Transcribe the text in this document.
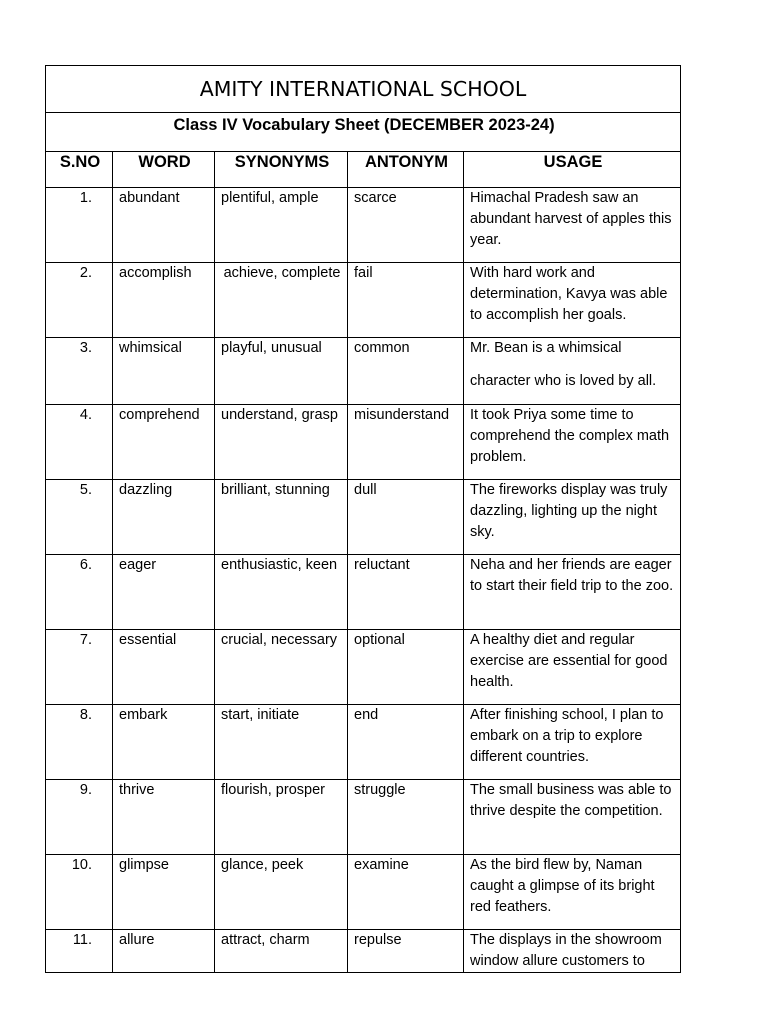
AMITY INTERNATIONAL SCHOOL				
Class IV Vocabulary Sheet (DECEMBER 2023-24)				
S.NO	WORD	SYNONYMS	ANTONYM	USAGE
1.	abundant	plentiful, ample	scarce	Himachal Pradesh saw an abundant harvest of apples this year.
2.	accomplish	achieve, complete	fail	With hard work and determination, Kavya was able to accomplish her goals.
3.	whimsical	playful, unusual	common	Mr. Bean is a whimsical
character who is loved by all.
4.	comprehend	understand, grasp	misunderstand	It took Priya some time to comprehend the complex math problem.
5.	dazzling	brilliant, stunning	dull	The fireworks display was truly dazzling, lighting up the night sky.
6.	eager	enthusiastic, keen	reluctant	Neha and her friends are eager to start their field trip to the zoo.
7.	essential	crucial, necessary	optional	A healthy diet and regular exercise are essential for good health.
8.	embark	start, initiate	end	After finishing school, I plan to embark on a trip to explore different countries.
9.	thrive	flourish, prosper	struggle	The small business was able to thrive despite the competition.
10.	glimpse	glance, peek	examine	As the bird flew by, Naman caught a glimpse of its bright red feathers.
11.	allure	attract, charm	repulse	The displays in the showroom window allure customers to
